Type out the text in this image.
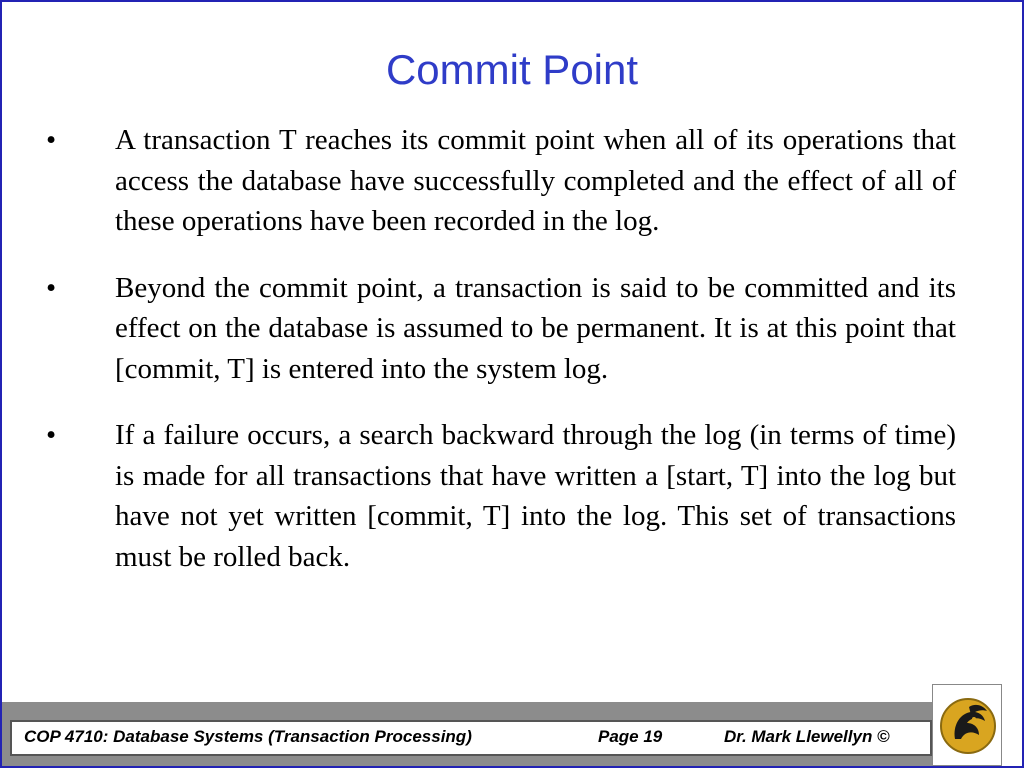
Commit Point
•	A transaction T reaches its commit point when all of its operations that access the database have successfully completed and the effect of all of these operations have been recorded in the log.
•	Beyond the commit point, a transaction is said to be committed and its effect on the database is assumed to be permanent. It is at this point that [commit, T] is entered into the system log.
•	If a failure occurs, a search backward through the log (in terms of time) is made for all transactions that have written a [start, T] into the log but have not yet written [commit, T] into the log. This set of transactions must be rolled back.
COP 4710: Database Systems (Transaction Processing)	Page 19	Dr. Mark Llewellyn ©
